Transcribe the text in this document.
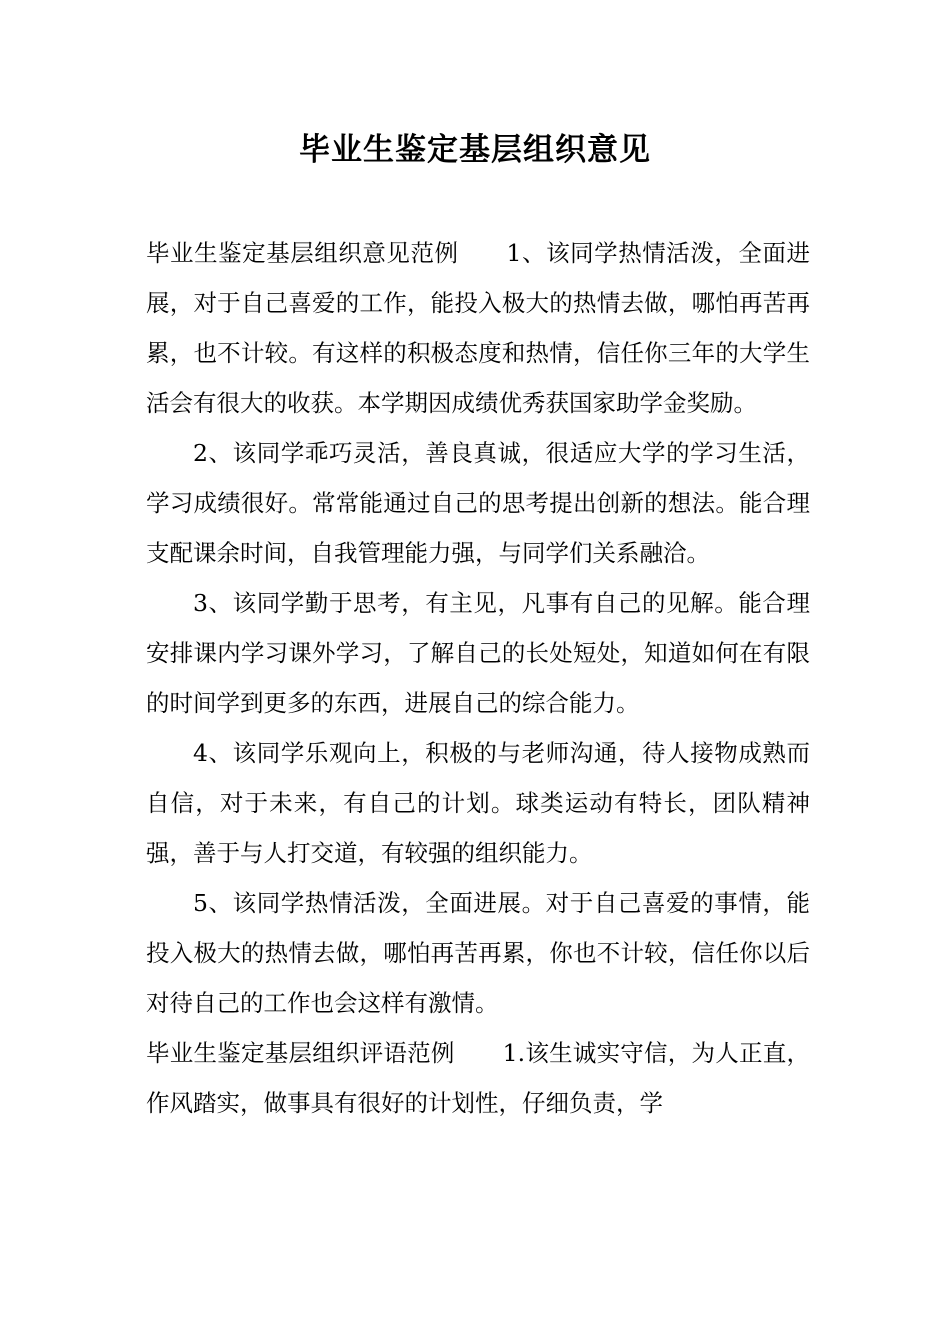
毕业生鉴定基层组织意见

毕业生鉴定基层组织意见范例 1、该同学热情活泼，全面进展，对于自己喜爱的工作，能投入极大的热情去做，哪怕再苦再累，也不计较。有这样的积极态度和热情，信任你三年的大学生活会有很大的收获。本学期因成绩优秀获国家助学金奖励。

2、该同学乖巧灵活，善良真诚，很适应大学的学习生活，学习成绩很好。常常能通过自己的思考提出创新的想法。能合理支配课余时间，自我管理能力强，与同学们关系融洽。

3、该同学勤于思考，有主见，凡事有自己的见解。能合理安排课内学习课外学习，了解自己的长处短处，知道如何在有限的时间学到更多的东西，进展自己的综合能力。

4、该同学乐观向上，积极的与老师沟通，待人接物成熟而自信，对于未来，有自己的计划。球类运动有特长，团队精神强，善于与人打交道，有较强的组织能力。

5、该同学热情活泼，全面进展。对于自己喜爱的事情，能投入极大的热情去做，哪怕再苦再累，你也不计较，信任你以后对待自己的工作也会这样有激情。

毕业生鉴定基层组织评语范例 1.该生诚实守信，为人正直，作风踏实，做事具有很好的计划性，仔细负责，学
